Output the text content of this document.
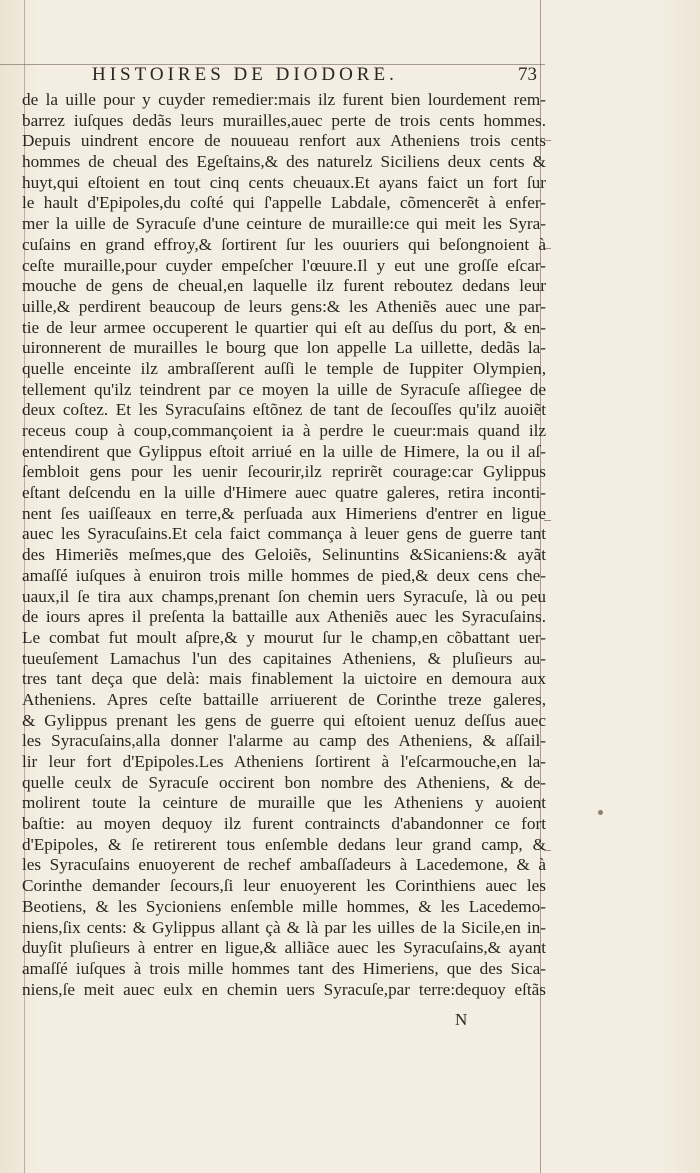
HISTOIRES DE DIODORE.	73
de la uille pour y cuyder remedier:mais ilz furent bien lourdement rem-
barrez iuſques dedãs leurs murailles,auec perte de trois cents hommes.
Depuis uindrent encore de nouueau renfort aux Atheniens trois cents
hommes de cheual des Egeſtains,& des naturelz Siciliens deux cents &
huyt,qui eſtoient en tout cinq cents cheuaux.Et ayans faict un fort ſur
le hault d'Epipoles,du coſté qui ſ'appelle Labdale, cõmencerẽt à enfer-
mer la uille de Syracuſe d'une ceinture de muraille:ce qui meit les Syra-
cuſains en grand effroy,& ſortirent ſur les ouuriers qui beſongnoient à
ceſte muraille,pour cuyder empeſcher l'œuure.Il y eut une groſſe eſcar-
mouche de gens de cheual,en laquelle ilz furent reboutez dedans leur
uille,& perdirent beaucoup de leurs gens:& les Atheniẽs auec une par-
tie de leur armee occuperent le quartier qui eſt au deſſus du port, & en-
uironnerent de murailles le bourg que lon appelle La uillette, dedãs la-
quelle enceinte ilz ambraſſerent auſſi le temple de Iuppiter Olympien,
tellement qu'ilz teindrent par ce moyen la uille de Syracuſe aſſiegee de
deux coſtez. Et les Syracuſains eſtõnez de tant de ſecouſſes qu'ilz auoiẽt
receus coup à coup,commançoient ia à perdre le cueur:mais quand ilz
entendirent que Gylippus eſtoit arriué en la uille de Himere, la ou il aſ-
ſembloit gens pour les uenir ſecourir,ilz reprirẽt courage:car Gylippus
eſtant deſcendu en la uille d'Himere auec quatre galeres, retira inconti-
nent ſes uaiſſeaux en terre,& perſuada aux Himeriens d'entrer en ligue
auec les Syracuſains.Et cela faict commança à leuer gens de guerre tant
des Himeriẽs meſmes,que des Geloiẽs, Selinuntins &Sicaniens:& ayãt
amaſſé iuſques à enuiron trois mille hommes de pied,& deux cens che-
uaux,il ſe tira aux champs,prenant ſon chemin uers Syracuſe, là ou peu
de iours apres il preſenta la battaille aux Atheniẽs auec les Syracuſains.
Le combat fut moult aſpre,& y mourut ſur le champ,en cõbattant uer-
tueuſement Lamachus l'un des capitaines Atheniens, & pluſieurs au-
tres tant deça que delà: mais finablement la uictoire en demoura aux
Atheniens. Apres ceſte battaille arriuerent de Corinthe treze galeres,
& Gylippus prenant les gens de guerre qui eſtoient uenuz deſſus auec
les Syracuſains,alla donner l'alarme au camp des Atheniens, & aſſail-
lir leur fort d'Epipoles.Les Atheniens ſortirent à l'eſcarmouche,en la-
quelle ceulx de Syracuſe occirent bon nombre des Atheniens, & de-
molirent toute la ceinture de muraille que les Atheniens y auoient
baſtie: au moyen dequoy ilz furent contraincts d'abandonner ce fort
d'Epipoles, & ſe retirerent tous enſemble dedans leur grand camp, &
les Syracuſains enuoyerent de rechef ambaſſadeurs à Lacedemone, & à
Corinthe demander ſecours,ſi leur enuoyerent les Corinthiens auec les
Beotiens, & les Sycioniens enſemble mille hommes, & les Lacedemo-
niens,ſix cents: & Gylippus allant çà & là par les uilles de la Sicile,en in-
duyſit pluſieurs à entrer en ligue,& alliãce auec les Syracuſains,& ayant
amaſſé iuſques à trois mille hommes tant des Himeriens, que des Sica-
niens,ſe meit auec eulx en chemin uers Syracuſe,par terre:dequoy eſtãs
N
